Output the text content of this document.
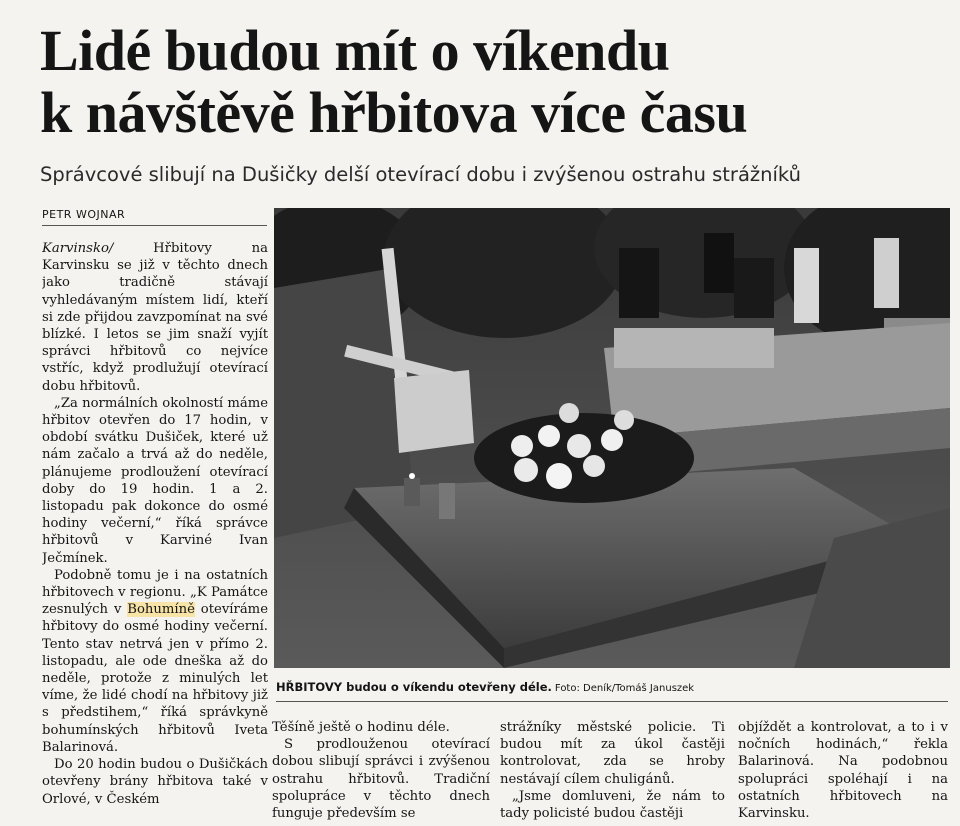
Lidé budou mít o víkendu
k návštěvě hřbitova více času
Správcové slibují na Dušičky delší otevírací dobu i zvýšenou ostrahu strážníků
PETR WOJNAR

Karvinsko/ Hřbitovy na Karvinsku se již v těchto dnech jako tradičně stávají vyhledávaným místem lidí, kteří si zde přijdou zavzpomínat na své blízké. I letos se jim snaží vyjít správci hřbitovů co nejvíce vstříc, když prodlužují otevírací dobu hřbitovů.

„Za normálních okolností máme hřbitov otevřen do 17 hodin, v období svátku Dušiček, které už nám začalo a trvá až do neděle, plánujeme prodloužení otevírací doby do 19 hodin. 1 a 2. listopadu pak dokonce do osmé hodiny večerní,“ říká správce hřbitovů v Karviné Ivan Ječmínek.

Podobně tomu je i na ostatních hřbitovech v regionu. „K Památce zesnulých v Bohumíně otevíráme hřbitovy do osmé hodiny večerní. Tento stav netrvá jen v přímo 2. listopadu, ale ode dneška až do neděle, protože z minulých let víme, že lidé chodí na hřbitovy již s předstihem,“ říká správkyně bohumínských hřbitovů Iveta Balarinová.

Do 20 hodin budou o Dušičkách otevřeny brány hřbitova také v Orlové, v Českém

HŘBITOVY budou o víkendu otevřeny déle. Foto: Deník/Tomáš Januszek

Těšíně ještě o hodinu déle.

S prodlouženou otevírací dobou slibují správci i zvýšenou ostrahu hřbitovů. Tradiční spolupráce v těchto dnech funguje především se

strážníky městské policie. Ti budou mít za úkol častěji kontrolovat, zda se hroby nestávají cílem chuligánů.

„Jsme domluveni, že nám to tady policisté budou častěji

objíždět a kontrolovat, a to i v nočních hodinách,“ řekla Balarinová. Na podobnou spolupráci spoléhají i na ostatních hřbitovech na Karvinsku.
